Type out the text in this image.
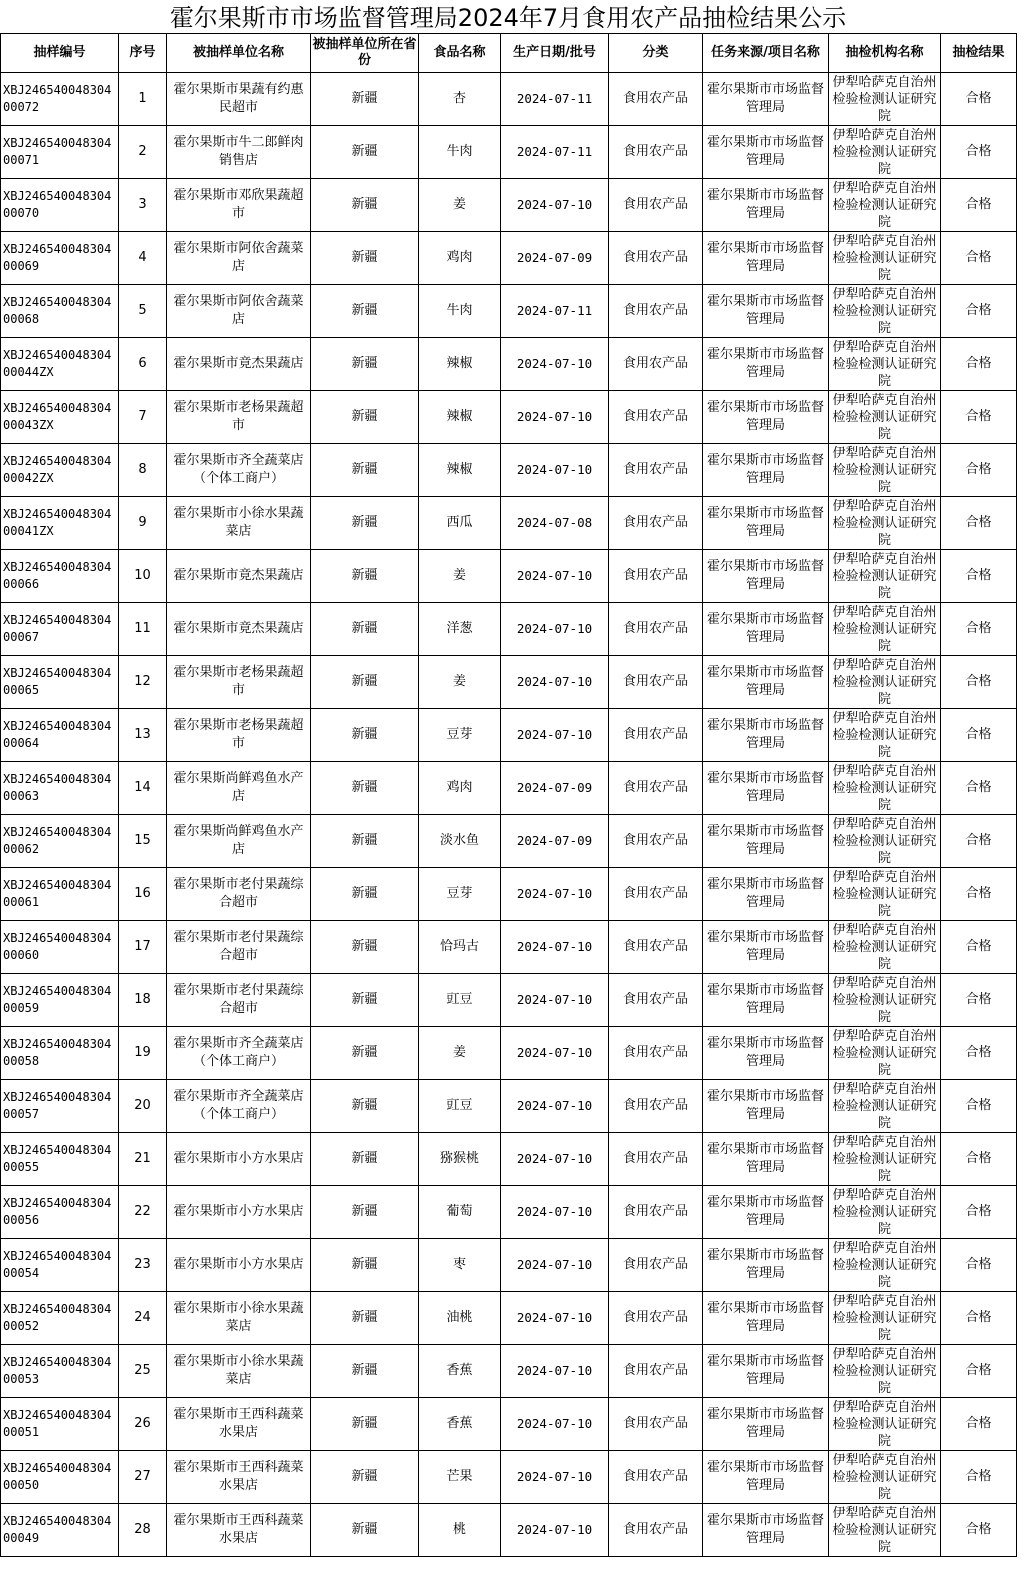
霍尔果斯市市场监督管理局2024年7月食用农产品抽检结果公示
抽样编号	序号	被抽样单位名称	被抽样单位所在省份	食品名称	生产日期/批号	分类	任务来源/项目名称	抽检机构名称	抽检结果
XBJ24654004830400072	1	霍尔果斯市果蔬有约惠民超市	新疆	杏	2024-07-11	食用农产品	霍尔果斯市市场监督管理局	伊犁哈萨克自治州检验检测认证研究院	合格
XBJ24654004830400071	2	霍尔果斯市牛二郎鲜肉销售店	新疆	牛肉	2024-07-11	食用农产品	霍尔果斯市市场监督管理局	伊犁哈萨克自治州检验检测认证研究院	合格
XBJ24654004830400070	3	霍尔果斯市邓欣果蔬超市	新疆	姜	2024-07-10	食用农产品	霍尔果斯市市场监督管理局	伊犁哈萨克自治州检验检测认证研究院	合格
XBJ24654004830400069	4	霍尔果斯市阿依舍蔬菜店	新疆	鸡肉	2024-07-09	食用农产品	霍尔果斯市市场监督管理局	伊犁哈萨克自治州检验检测认证研究院	合格
XBJ24654004830400068	5	霍尔果斯市阿依舍蔬菜店	新疆	牛肉	2024-07-11	食用农产品	霍尔果斯市市场监督管理局	伊犁哈萨克自治州检验检测认证研究院	合格
XBJ24654004830400044ZX	6	霍尔果斯市竟杰果蔬店	新疆	辣椒	2024-07-10	食用农产品	霍尔果斯市市场监督管理局	伊犁哈萨克自治州检验检测认证研究院	合格
XBJ24654004830400043ZX	7	霍尔果斯市老杨果蔬超市	新疆	辣椒	2024-07-10	食用农产品	霍尔果斯市市场监督管理局	伊犁哈萨克自治州检验检测认证研究院	合格
XBJ24654004830400042ZX	8	霍尔果斯市齐全蔬菜店（个体工商户）	新疆	辣椒	2024-07-10	食用农产品	霍尔果斯市市场监督管理局	伊犁哈萨克自治州检验检测认证研究院	合格
XBJ24654004830400041ZX	9	霍尔果斯市小徐水果蔬菜店	新疆	西瓜	2024-07-08	食用农产品	霍尔果斯市市场监督管理局	伊犁哈萨克自治州检验检测认证研究院	合格
XBJ24654004830400066	10	霍尔果斯市竟杰果蔬店	新疆	姜	2024-07-10	食用农产品	霍尔果斯市市场监督管理局	伊犁哈萨克自治州检验检测认证研究院	合格
XBJ24654004830400067	11	霍尔果斯市竟杰果蔬店	新疆	洋葱	2024-07-10	食用农产品	霍尔果斯市市场监督管理局	伊犁哈萨克自治州检验检测认证研究院	合格
XBJ24654004830400065	12	霍尔果斯市老杨果蔬超市	新疆	姜	2024-07-10	食用农产品	霍尔果斯市市场监督管理局	伊犁哈萨克自治州检验检测认证研究院	合格
XBJ24654004830400064	13	霍尔果斯市老杨果蔬超市	新疆	豆芽	2024-07-10	食用农产品	霍尔果斯市市场监督管理局	伊犁哈萨克自治州检验检测认证研究院	合格
XBJ24654004830400063	14	霍尔果斯尚鲜鸡鱼水产店	新疆	鸡肉	2024-07-09	食用农产品	霍尔果斯市市场监督管理局	伊犁哈萨克自治州检验检测认证研究院	合格
XBJ24654004830400062	15	霍尔果斯尚鲜鸡鱼水产店	新疆	淡水鱼	2024-07-09	食用农产品	霍尔果斯市市场监督管理局	伊犁哈萨克自治州检验检测认证研究院	合格
XBJ24654004830400061	16	霍尔果斯市老付果蔬综合超市	新疆	豆芽	2024-07-10	食用农产品	霍尔果斯市市场监督管理局	伊犁哈萨克自治州检验检测认证研究院	合格
XBJ24654004830400060	17	霍尔果斯市老付果蔬综合超市	新疆	恰玛古	2024-07-10	食用农产品	霍尔果斯市市场监督管理局	伊犁哈萨克自治州检验检测认证研究院	合格
XBJ24654004830400059	18	霍尔果斯市老付果蔬综合超市	新疆	豇豆	2024-07-10	食用农产品	霍尔果斯市市场监督管理局	伊犁哈萨克自治州检验检测认证研究院	合格
XBJ24654004830400058	19	霍尔果斯市齐全蔬菜店（个体工商户）	新疆	姜	2024-07-10	食用农产品	霍尔果斯市市场监督管理局	伊犁哈萨克自治州检验检测认证研究院	合格
XBJ24654004830400057	20	霍尔果斯市齐全蔬菜店（个体工商户）	新疆	豇豆	2024-07-10	食用农产品	霍尔果斯市市场监督管理局	伊犁哈萨克自治州检验检测认证研究院	合格
XBJ24654004830400055	21	霍尔果斯市小方水果店	新疆	猕猴桃	2024-07-10	食用农产品	霍尔果斯市市场监督管理局	伊犁哈萨克自治州检验检测认证研究院	合格
XBJ24654004830400056	22	霍尔果斯市小方水果店	新疆	葡萄	2024-07-10	食用农产品	霍尔果斯市市场监督管理局	伊犁哈萨克自治州检验检测认证研究院	合格
XBJ24654004830400054	23	霍尔果斯市小方水果店	新疆	枣	2024-07-10	食用农产品	霍尔果斯市市场监督管理局	伊犁哈萨克自治州检验检测认证研究院	合格
XBJ24654004830400052	24	霍尔果斯市小徐水果蔬菜店	新疆	油桃	2024-07-10	食用农产品	霍尔果斯市市场监督管理局	伊犁哈萨克自治州检验检测认证研究院	合格
XBJ24654004830400053	25	霍尔果斯市小徐水果蔬菜店	新疆	香蕉	2024-07-10	食用农产品	霍尔果斯市市场监督管理局	伊犁哈萨克自治州检验检测认证研究院	合格
XBJ24654004830400051	26	霍尔果斯市王西科蔬菜水果店	新疆	香蕉	2024-07-10	食用农产品	霍尔果斯市市场监督管理局	伊犁哈萨克自治州检验检测认证研究院	合格
XBJ24654004830400050	27	霍尔果斯市王西科蔬菜水果店	新疆	芒果	2024-07-10	食用农产品	霍尔果斯市市场监督管理局	伊犁哈萨克自治州检验检测认证研究院	合格
XBJ24654004830400049	28	霍尔果斯市王西科蔬菜水果店	新疆	桃	2024-07-10	食用农产品	霍尔果斯市市场监督管理局	伊犁哈萨克自治州检验检测认证研究院	合格
